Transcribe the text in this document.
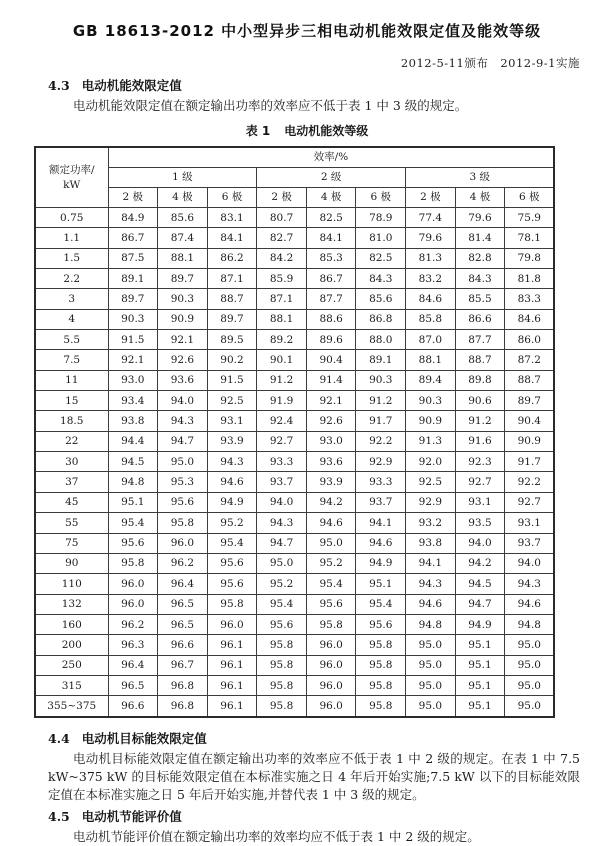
GB 18613-2012 中小型异步三相电动机能效限定值及能效等级
2012-5-11颁布　2012-9-1实施
4.3 电动机能效限定值
电动机能效限定值在额定输出功率的效率应不低于表 1 中 3 级的规定。
表 1 电动机能效等级
额定功率/
kW	效率/%								
	1 级			2 级			3 级		
	2 极	4 极	6 极	2 极	4 极	6 极	2 极	4 极	6 极
0.75	84.9	85.6	83.1	80.7	82.5	78.9	77.4	79.6	75.9
1.1	86.7	87.4	84.1	82.7	84.1	81.0	79.6	81.4	78.1
1.5	87.5	88.1	86.2	84.2	85.3	82.5	81.3	82.8	79.8
2.2	89.1	89.7	87.1	85.9	86.7	84.3	83.2	84.3	81.8
3	89.7	90.3	88.7	87.1	87.7	85.6	84.6	85.5	83.3
4	90.3	90.9	89.7	88.1	88.6	86.8	85.8	86.6	84.6
5.5	91.5	92.1	89.5	89.2	89.6	88.0	87.0	87.7	86.0
7.5	92.1	92.6	90.2	90.1	90.4	89.1	88.1	88.7	87.2
11	93.0	93.6	91.5	91.2	91.4	90.3	89.4	89.8	88.7
15	93.4	94.0	92.5	91.9	92.1	91.2	90.3	90.6	89.7
18.5	93.8	94.3	93.1	92.4	92.6	91.7	90.9	91.2	90.4
22	94.4	94.7	93.9	92.7	93.0	92.2	91.3	91.6	90.9
30	94.5	95.0	94.3	93.3	93.6	92.9	92.0	92.3	91.7
37	94.8	95.3	94.6	93.7	93.9	93.3	92.5	92.7	92.2
45	95.1	95.6	94.9	94.0	94.2	93.7	92.9	93.1	92.7
55	95.4	95.8	95.2	94.3	94.6	94.1	93.2	93.5	93.1
75	95.6	96.0	95.4	94.7	95.0	94.6	93.8	94.0	93.7
90	95.8	96.2	95.6	95.0	95.2	94.9	94.1	94.2	94.0
110	96.0	96.4	95.6	95.2	95.4	95.1	94.3	94.5	94.3
132	96.0	96.5	95.8	95.4	95.6	95.4	94.6	94.7	94.6
160	96.2	96.5	96.0	95.6	95.8	95.6	94.8	94.9	94.8
200	96.3	96.6	96.1	95.8	96.0	95.8	95.0	95.1	95.0
250	96.4	96.7	96.1	95.8	96.0	95.8	95.0	95.1	95.0
315	96.5	96.8	96.1	95.8	96.0	95.8	95.0	95.1	95.0
355~375	96.6	96.8	96.1	95.8	96.0	95.8	95.0	95.1	95.0
4.4 电动机目标能效限定值
电动机目标能效限定值在额定输出功率的效率应不低于表 1 中 2 级的规定。在表 1 中 7.5 kW~375 kW 的目标能效限定值在本标准实施之日 4 年后开始实施;7.5 kW 以下的目标能效限定值在本标准实施之日 5 年后开始实施,并替代表 1 中 3 级的规定。
4.5 电动机节能评价值
电动机节能评价值在额定输出功率的效率均应不低于表 1 中 2 级的规定。
